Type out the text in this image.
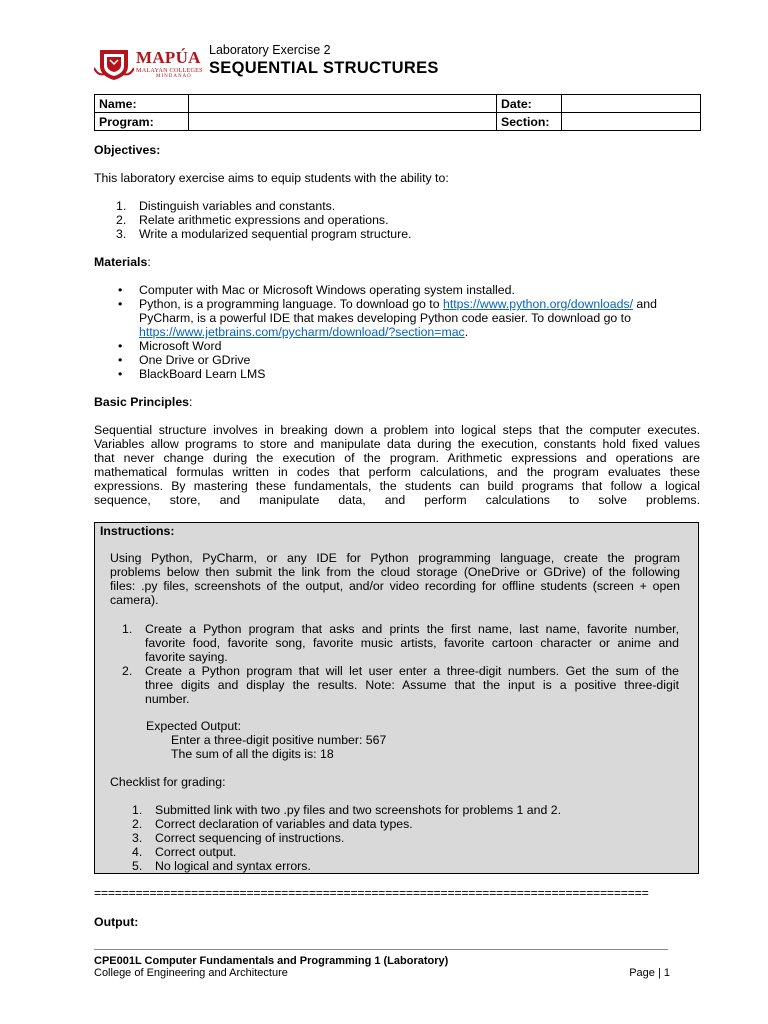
MAPÚA
MALAYAN COLLEGES
MINDANAO
Laboratory Exercise 2
SEQUENTIAL STRUCTURES
Name:		Date:	
Program:		Section:	
Objectives:
This laboratory exercise aims to equip students with the ability to:
1. Distinguish variables and constants.
2. Relate arithmetic expressions and operations.
3. Write a modularized sequential program structure.
Materials:
• Computer with Mac or Microsoft Windows operating system installed.
• Python, is a programming language. To download go to https://www.python.org/downloads/ and
PyCharm, is a powerful IDE that makes developing Python code easier. To download go to
https://www.jetbrains.com/pycharm/download/?section=mac.
• Microsoft Word
• One Drive or GDrive
• BlackBoard Learn LMS
Basic Principles:
Sequential structure involves in breaking down a problem into logical steps that the computer executes.
Variables allow programs to store and manipulate data during the execution, constants hold fixed values
that never change during the execution of the program. Arithmetic expressions and operations are
mathematical formulas written in codes that perform calculations, and the program evaluates these
expressions. By mastering these fundamentals, the students can build programs that follow a logical
sequence, store, and manipulate data, and perform calculations to solve problems.
Instructions:
Using Python, PyCharm, or any IDE for Python programming language, create the program
problems below then submit the link from the cloud storage (OneDrive or GDrive) of the following
files: .py files, screenshots of the output, and/or video recording for offline students (screen + open
camera).
1. Create a Python program that asks and prints the first name, last name, favorite number,
favorite food, favorite song, favorite music artists, favorite cartoon character or anime and
favorite saying.
2. Create a Python program that will let user enter a three-digit numbers. Get the sum of the
three digits and display the results. Note: Assume that the input is a positive three-digit
number.
Expected Output:
Enter a three-digit positive number: 567
The sum of all the digits is: 18
Checklist for grading:
1. Submitted link with two .py files and two screenshots for problems 1 and 2.
2. Correct declaration of variables and data types.
3. Correct sequencing of instructions.
4. Correct output.
5. No logical and syntax errors.
================================================================================
Output:
CPE001L Computer Fundamentals and Programming 1 (Laboratory)
College of Engineering and Architecture	Page | 1
